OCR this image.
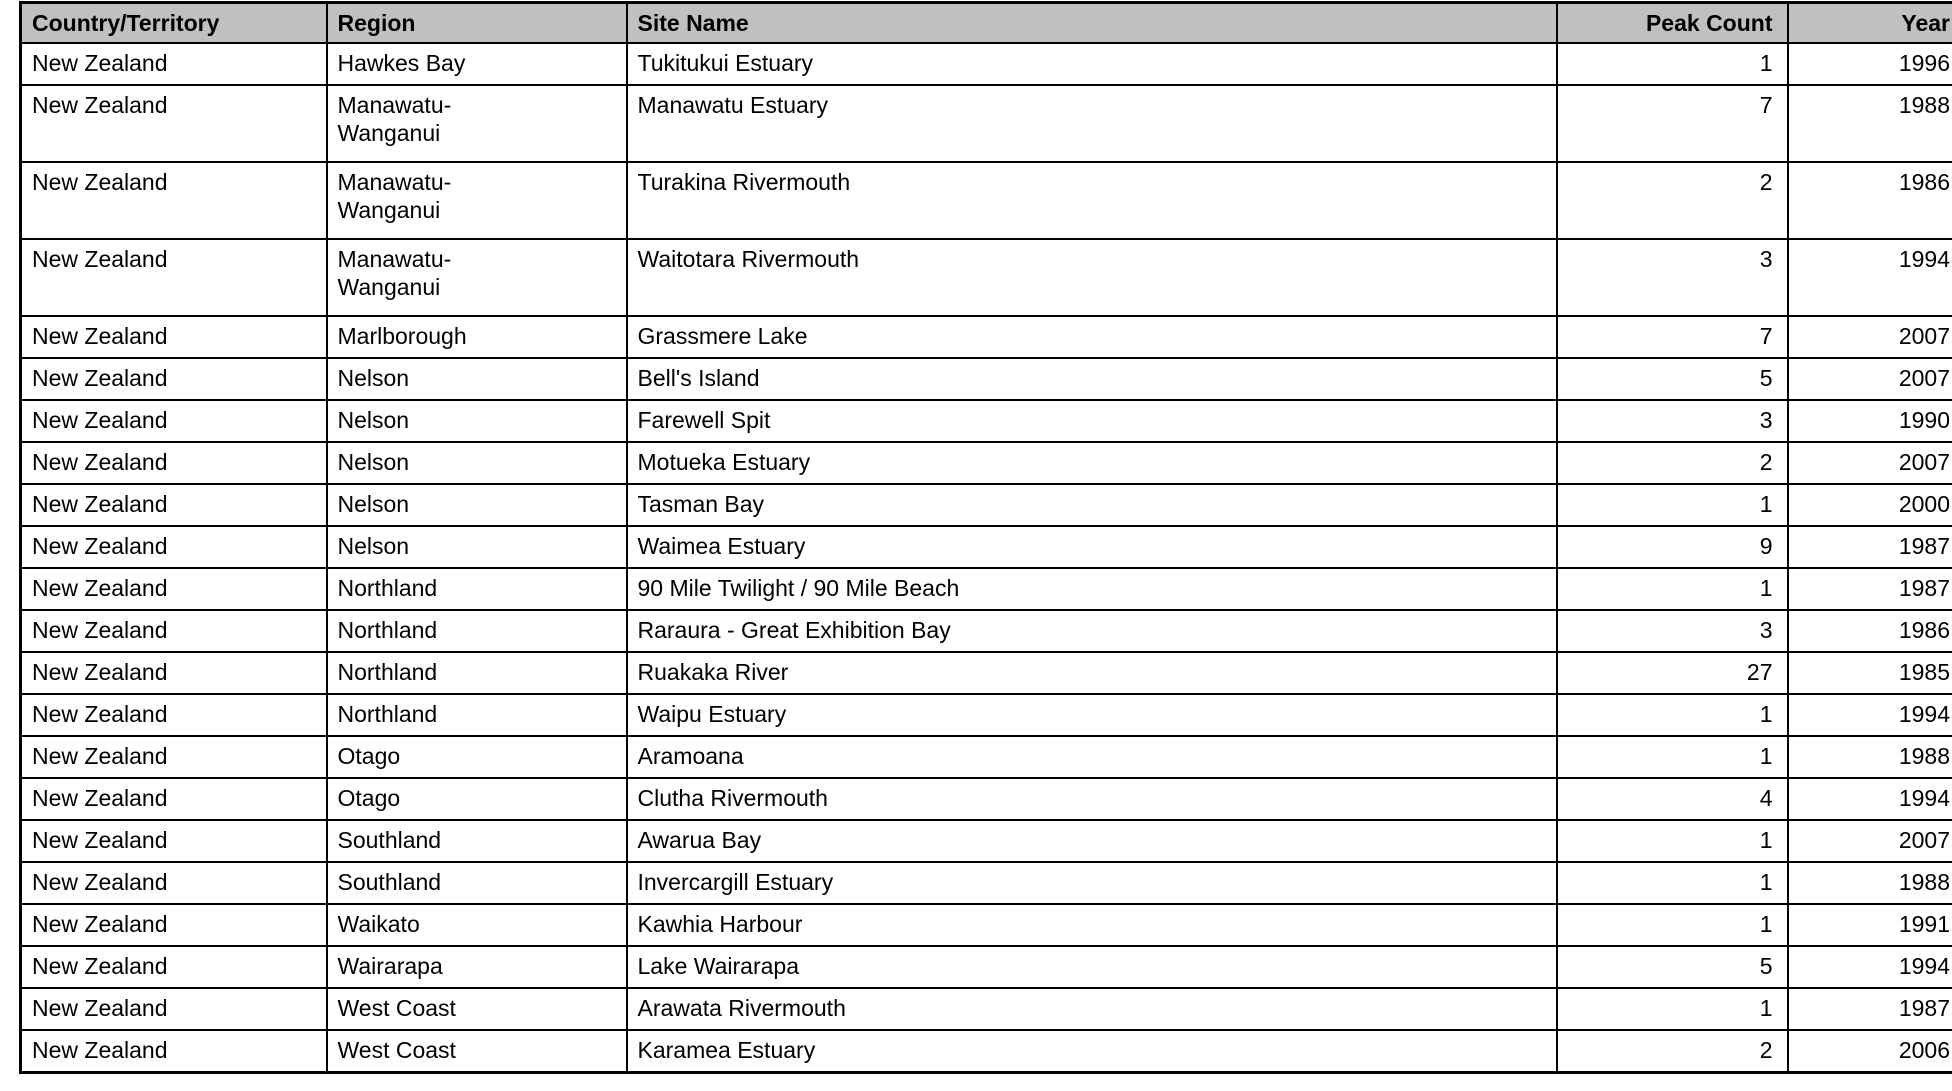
Country/Territory	Region	Site Name	Peak Count	Year
New Zealand	Hawkes Bay	Tukitukui Estuary	1	1996
New Zealand	Manawatu-Wanganui	Manawatu Estuary	7	1988
New Zealand	Manawatu-Wanganui	Turakina Rivermouth	2	1986
New Zealand	Manawatu-Wanganui	Waitotara Rivermouth	3	1994
New Zealand	Marlborough	Grassmere Lake	7	2007
New Zealand	Nelson	Bell's Island	5	2007
New Zealand	Nelson	Farewell Spit	3	1990
New Zealand	Nelson	Motueka Estuary	2	2007
New Zealand	Nelson	Tasman Bay	1	2000
New Zealand	Nelson	Waimea Estuary	9	1987
New Zealand	Northland	90 Mile Twilight / 90 Mile Beach	1	1987
New Zealand	Northland	Raraura - Great Exhibition Bay	3	1986
New Zealand	Northland	Ruakaka River	27	1985
New Zealand	Northland	Waipu Estuary	1	1994
New Zealand	Otago	Aramoana	1	1988
New Zealand	Otago	Clutha Rivermouth	4	1994
New Zealand	Southland	Awarua Bay	1	2007
New Zealand	Southland	Invercargill Estuary	1	1988
New Zealand	Waikato	Kawhia Harbour	1	1991
New Zealand	Wairarapa	Lake Wairarapa	5	1994
New Zealand	West Coast	Arawata Rivermouth	1	1987
New Zealand	West Coast	Karamea Estuary	2	2006
